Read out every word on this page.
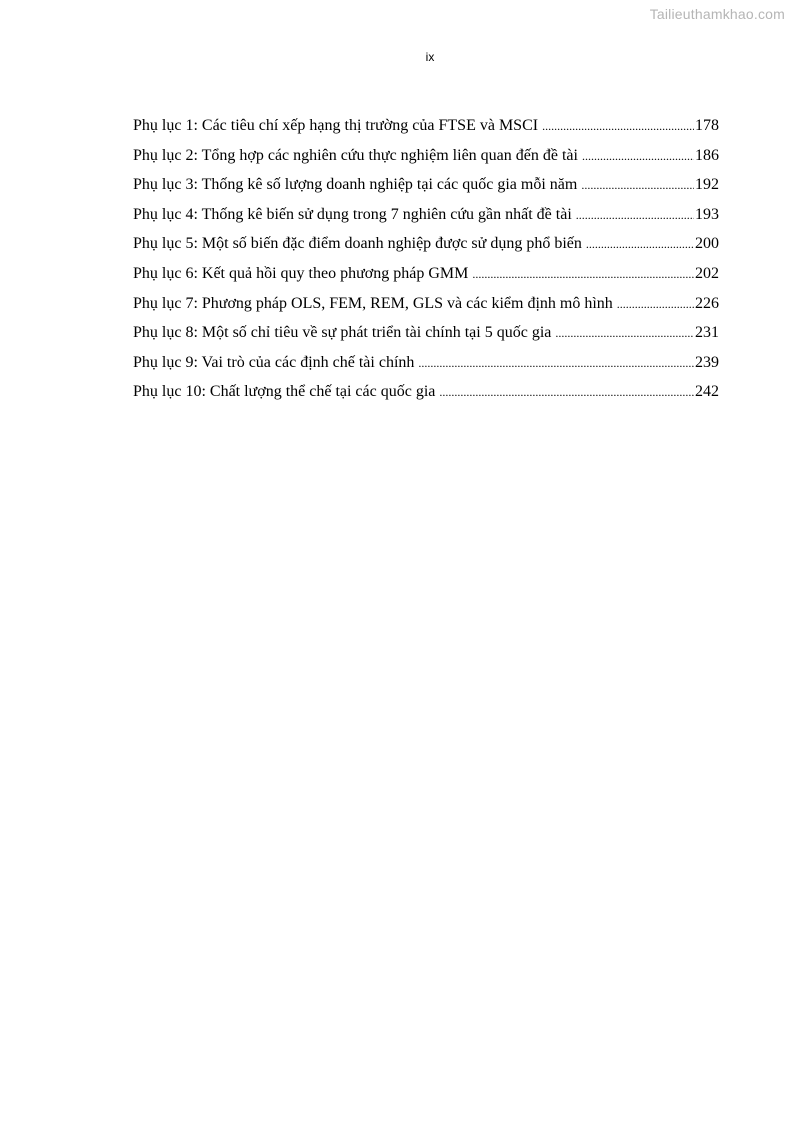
Tailieuthamkhao.com
ix
Phụ lục 1: Các tiêu chí xếp hạng thị trường của FTSE và MSCI .....	178
Phụ lục 2: Tổng hợp các nghiên cứu thực nghiệm liên quan đến đề tài .....	186
Phụ lục 3: Thống kê số lượng doanh nghiệp tại các quốc gia mỗi năm .....	192
Phụ lục 4: Thống kê biến sử dụng trong 7 nghiên cứu gần nhất đề tài .....	193
Phụ lục 5: Một số biến đặc điểm doanh nghiệp được sử dụng phổ biến .....	200
Phụ lục 6: Kết quả hồi quy theo phương pháp GMM .....	202
Phụ lục 7: Phương pháp OLS, FEM, REM, GLS và các kiểm định mô hình .....	226
Phụ lục 8: Một số chỉ tiêu về sự phát triển tài chính tại 5 quốc gia .....	231
Phụ lục 9: Vai trò của các định chế tài chính .....	239
Phụ lục 10: Chất lượng thể chế tại các quốc gia .....	242
